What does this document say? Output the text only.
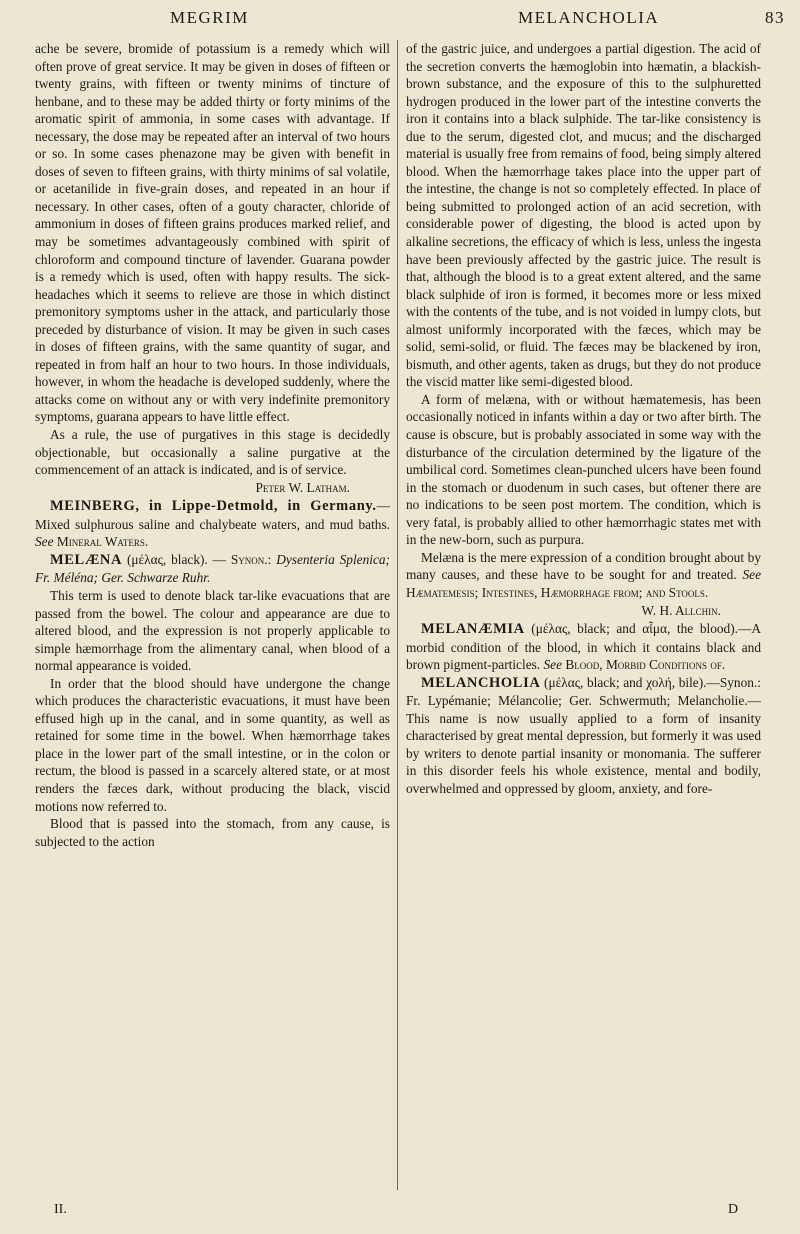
MEGRIM	MELANCHOLIA	83

ache be severe, bromide of potassium is a remedy which will often prove of great service. It may be given in doses of fifteen or twenty grains, with fifteen or twenty minims of tincture of henbane, and to these may be added thirty or forty minims of the aromatic spirit of ammonia, in some cases with advantage. If necessary, the dose may be repeated after an interval of two hours or so. In some cases phenazone may be given with benefit in doses of seven to fifteen grains, with thirty minims of sal volatile, or acetanilide in five-grain doses, and repeated in an hour if necessary. In other cases, often of a gouty character, chloride of ammonium in doses of fifteen grains produces marked relief, and may be sometimes advantageously combined with spirit of chloroform and compound tincture of lavender. Guarana powder is a remedy which is used, often with happy results. The sick-headaches which it seems to relieve are those in which distinct premonitory symptoms usher in the attack, and particularly those preceded by disturbance of vision. It may be given in such cases in doses of fifteen grains, with the same quantity of sugar, and repeated in from half an hour to two hours. In those individuals, however, in whom the headache is developed suddenly, where the attacks come on without any or with very indefinite premonitory symptoms, guarana appears to have little effect.

As a rule, the use of purgatives in this stage is decidedly objectionable, but occasionally a saline purgative at the commencement of an attack is indicated, and is of service.

Peter W. Latham.

MEINBERG, in Lippe-Detmold, in Germany.—Mixed sulphurous saline and chalybeate waters, and mud baths. See Mineral Waters.

MELÆNA (μέλας, black). — Synon.: Dysenteria Splenica; Fr. Méléna; Ger. Schwarze Ruhr.

This term is used to denote black tar-like evacuations that are passed from the bowel. The colour and appearance are due to altered blood, and the expression is not properly applicable to simple hæmorrhage from the alimentary canal, when blood of a normal appearance is voided.

In order that the blood should have undergone the change which produces the characteristic evacuations, it must have been effused high up in the canal, and in some quantity, as well as retained for some time in the bowel. When hæmorrhage takes place in the lower part of the small intestine, or in the colon or rectum, the blood is passed in a scarcely altered state, or at most renders the fæces dark, without producing the black, viscid motions now referred to.

Blood that is passed into the stomach, from any cause, is subjected to the action

of the gastric juice, and undergoes a partial digestion. The acid of the secretion converts the hæmoglobin into hæmatin, a blackish-brown substance, and the exposure of this to the sulphuretted hydrogen produced in the lower part of the intestine converts the iron it contains into a black sulphide. The tar-like consistency is due to the serum, digested clot, and mucus; and the discharged material is usually free from remains of food, being simply altered blood. When the hæmorrhage takes place into the upper part of the intestine, the change is not so completely effected. In place of being submitted to prolonged action of an acid secretion, with considerable power of digesting, the blood is acted upon by alkaline secretions, the efficacy of which is less, unless the ingesta have been previously affected by the gastric juice. The result is that, although the blood is to a great extent altered, and the same black sulphide of iron is formed, it becomes more or less mixed with the contents of the tube, and is not voided in lumpy clots, but almost uniformly incorporated with the fæces, which may be solid, semi-solid, or fluid. The fæces may be blackened by iron, bismuth, and other agents, taken as drugs, but they do not produce the viscid matter like semi-digested blood.

A form of melæna, with or without hæmatemesis, has been occasionally noticed in infants within a day or two after birth. The cause is obscure, but is probably associated in some way with the disturbance of the circulation determined by the ligature of the umbilical cord. Sometimes clean-punched ulcers have been found in the stomach or duodenum in such cases, but oftener there are no indications to be seen post mortem. The condition, which is very fatal, is probably allied to other hæmorrhagic states met with in the new-born, such as purpura.

Melæna is the mere expression of a condition brought about by many causes, and these have to be sought for and treated. See Hæmatemesis; Intestines, Hæmorrhage from; and Stools.

W. H. Allchin.

MELANÆMIA (μέλας, black; and αἷμα, the blood).—A morbid condition of the blood, in which it contains black and brown pigment-particles. See Blood, Morbid Conditions of.

MELANCHOLIA (μέλας, black; and χολή, bile).—Synon.: Fr. Lypémanie; Mélancolie; Ger. Schwermuth; Melancholie.—This name is now usually applied to a form of insanity characterised by great mental depression, but formerly it was used by writers to denote partial insanity or monomania. The sufferer in this disorder feels his whole existence, mental and bodily, overwhelmed and oppressed by gloom, anxiety, and fore-

II.	D
